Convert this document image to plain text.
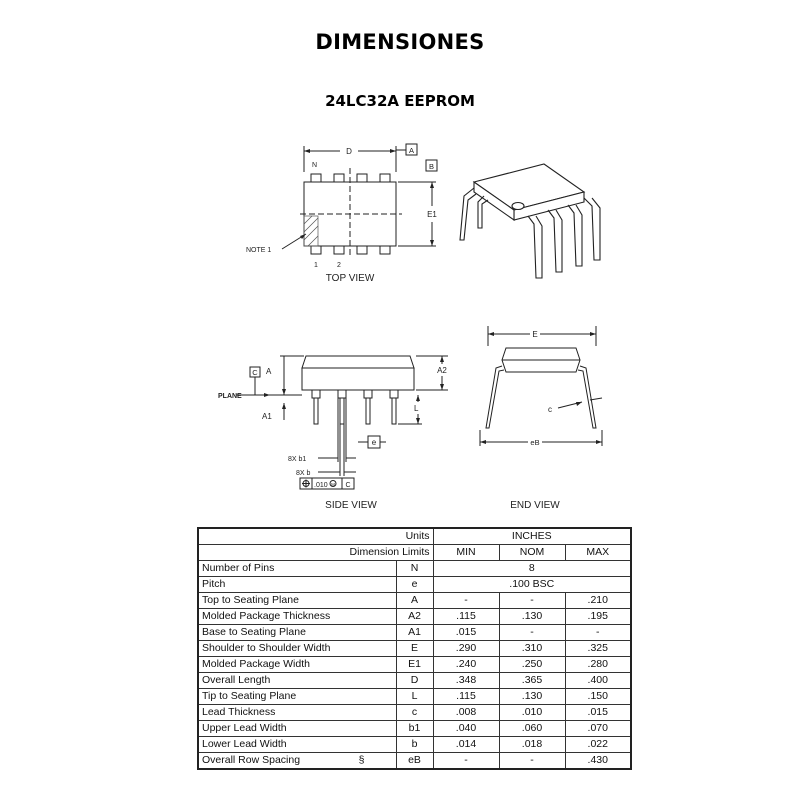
DIMENSIONES
24LC32A EEPROM
D
E1
N
NOTE 1
1	2
A
B
TOP VIEW
A
C
PLANE
A1
A2
L
e
8X b1
8X b
.010 M C
SIDE VIEW
E
eB
c
END VIEW
Units		INCHES		
Dimension Limits		MIN	NOM	MAX
Number of Pins	N	8		
Pitch	e	.100 BSC		
Top to Seating Plane	A	-	-	.210
Molded Package Thickness	A2	.115	.130	.195
Base to Seating Plane	A1	.015	-	-
Shoulder to Shoulder Width	E	.290	.310	.325
Molded Package Width	E1	.240	.250	.280
Overall Length	D	.348	.365	.400
Tip to Seating Plane	L	.115	.130	.150
Lead Thickness	c	.008	.010	.015
Upper Lead Width	b1	.040	.060	.070
Lower Lead Width	b	.014	.018	.022
Overall Row Spacing §	eB	-	-	.430
